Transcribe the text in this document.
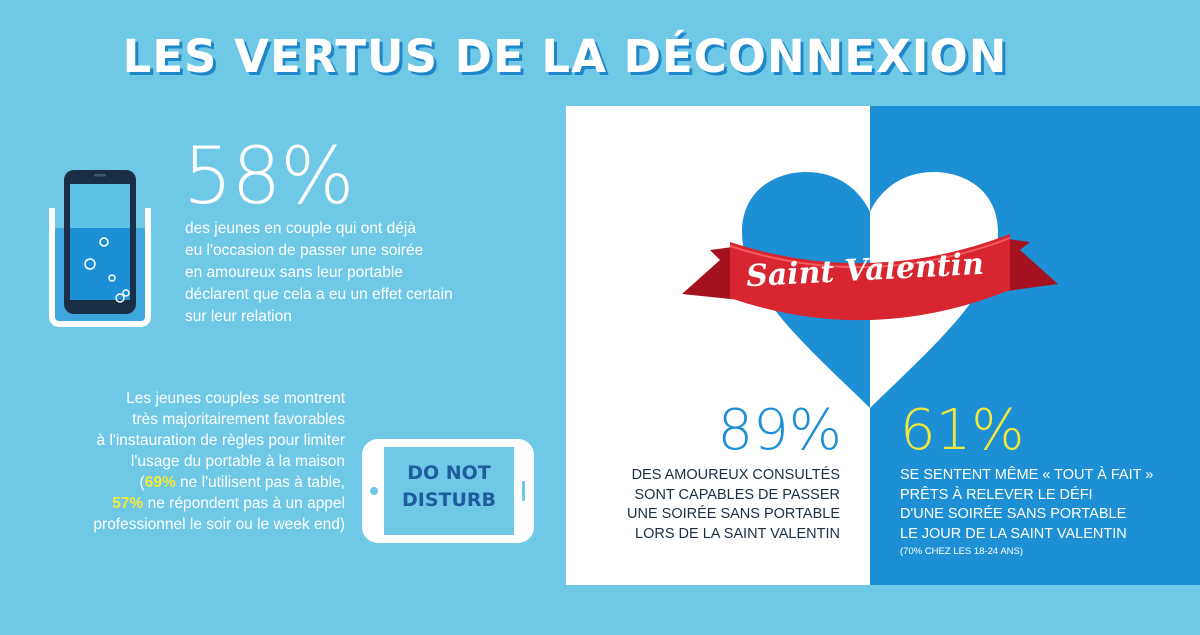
LES VERTUS DE LA DÉCONNEXION
58%
des jeunes en couple qui ont déjà
eu l'occasion de passer une soirée
en amoureux sans leur portable
déclarent que cela a eu un effet certain
sur leur relation
Les jeunes couples se montrent
très majoritairement favorables
à l'instauration de règles pour limiter
l'usage du portable à la maison
(69% ne l'utilisent pas à table,
57% ne répondent pas à un appel
professionnel le soir ou le week end)
DO NOT
DISTURB
Saint Valentin
89%
DES AMOUREUX CONSULTÉS
SONT CAPABLES DE PASSER
UNE SOIRÉE SANS PORTABLE
LORS DE LA SAINT VALENTIN
61%
SE SENTENT MÊME « TOUT À FAIT »
PRÊTS À RELEVER LE DÉFI
D'UNE SOIRÉE SANS PORTABLE
LE JOUR DE LA SAINT VALENTIN
(70% CHEZ LES 18-24 ANS)
